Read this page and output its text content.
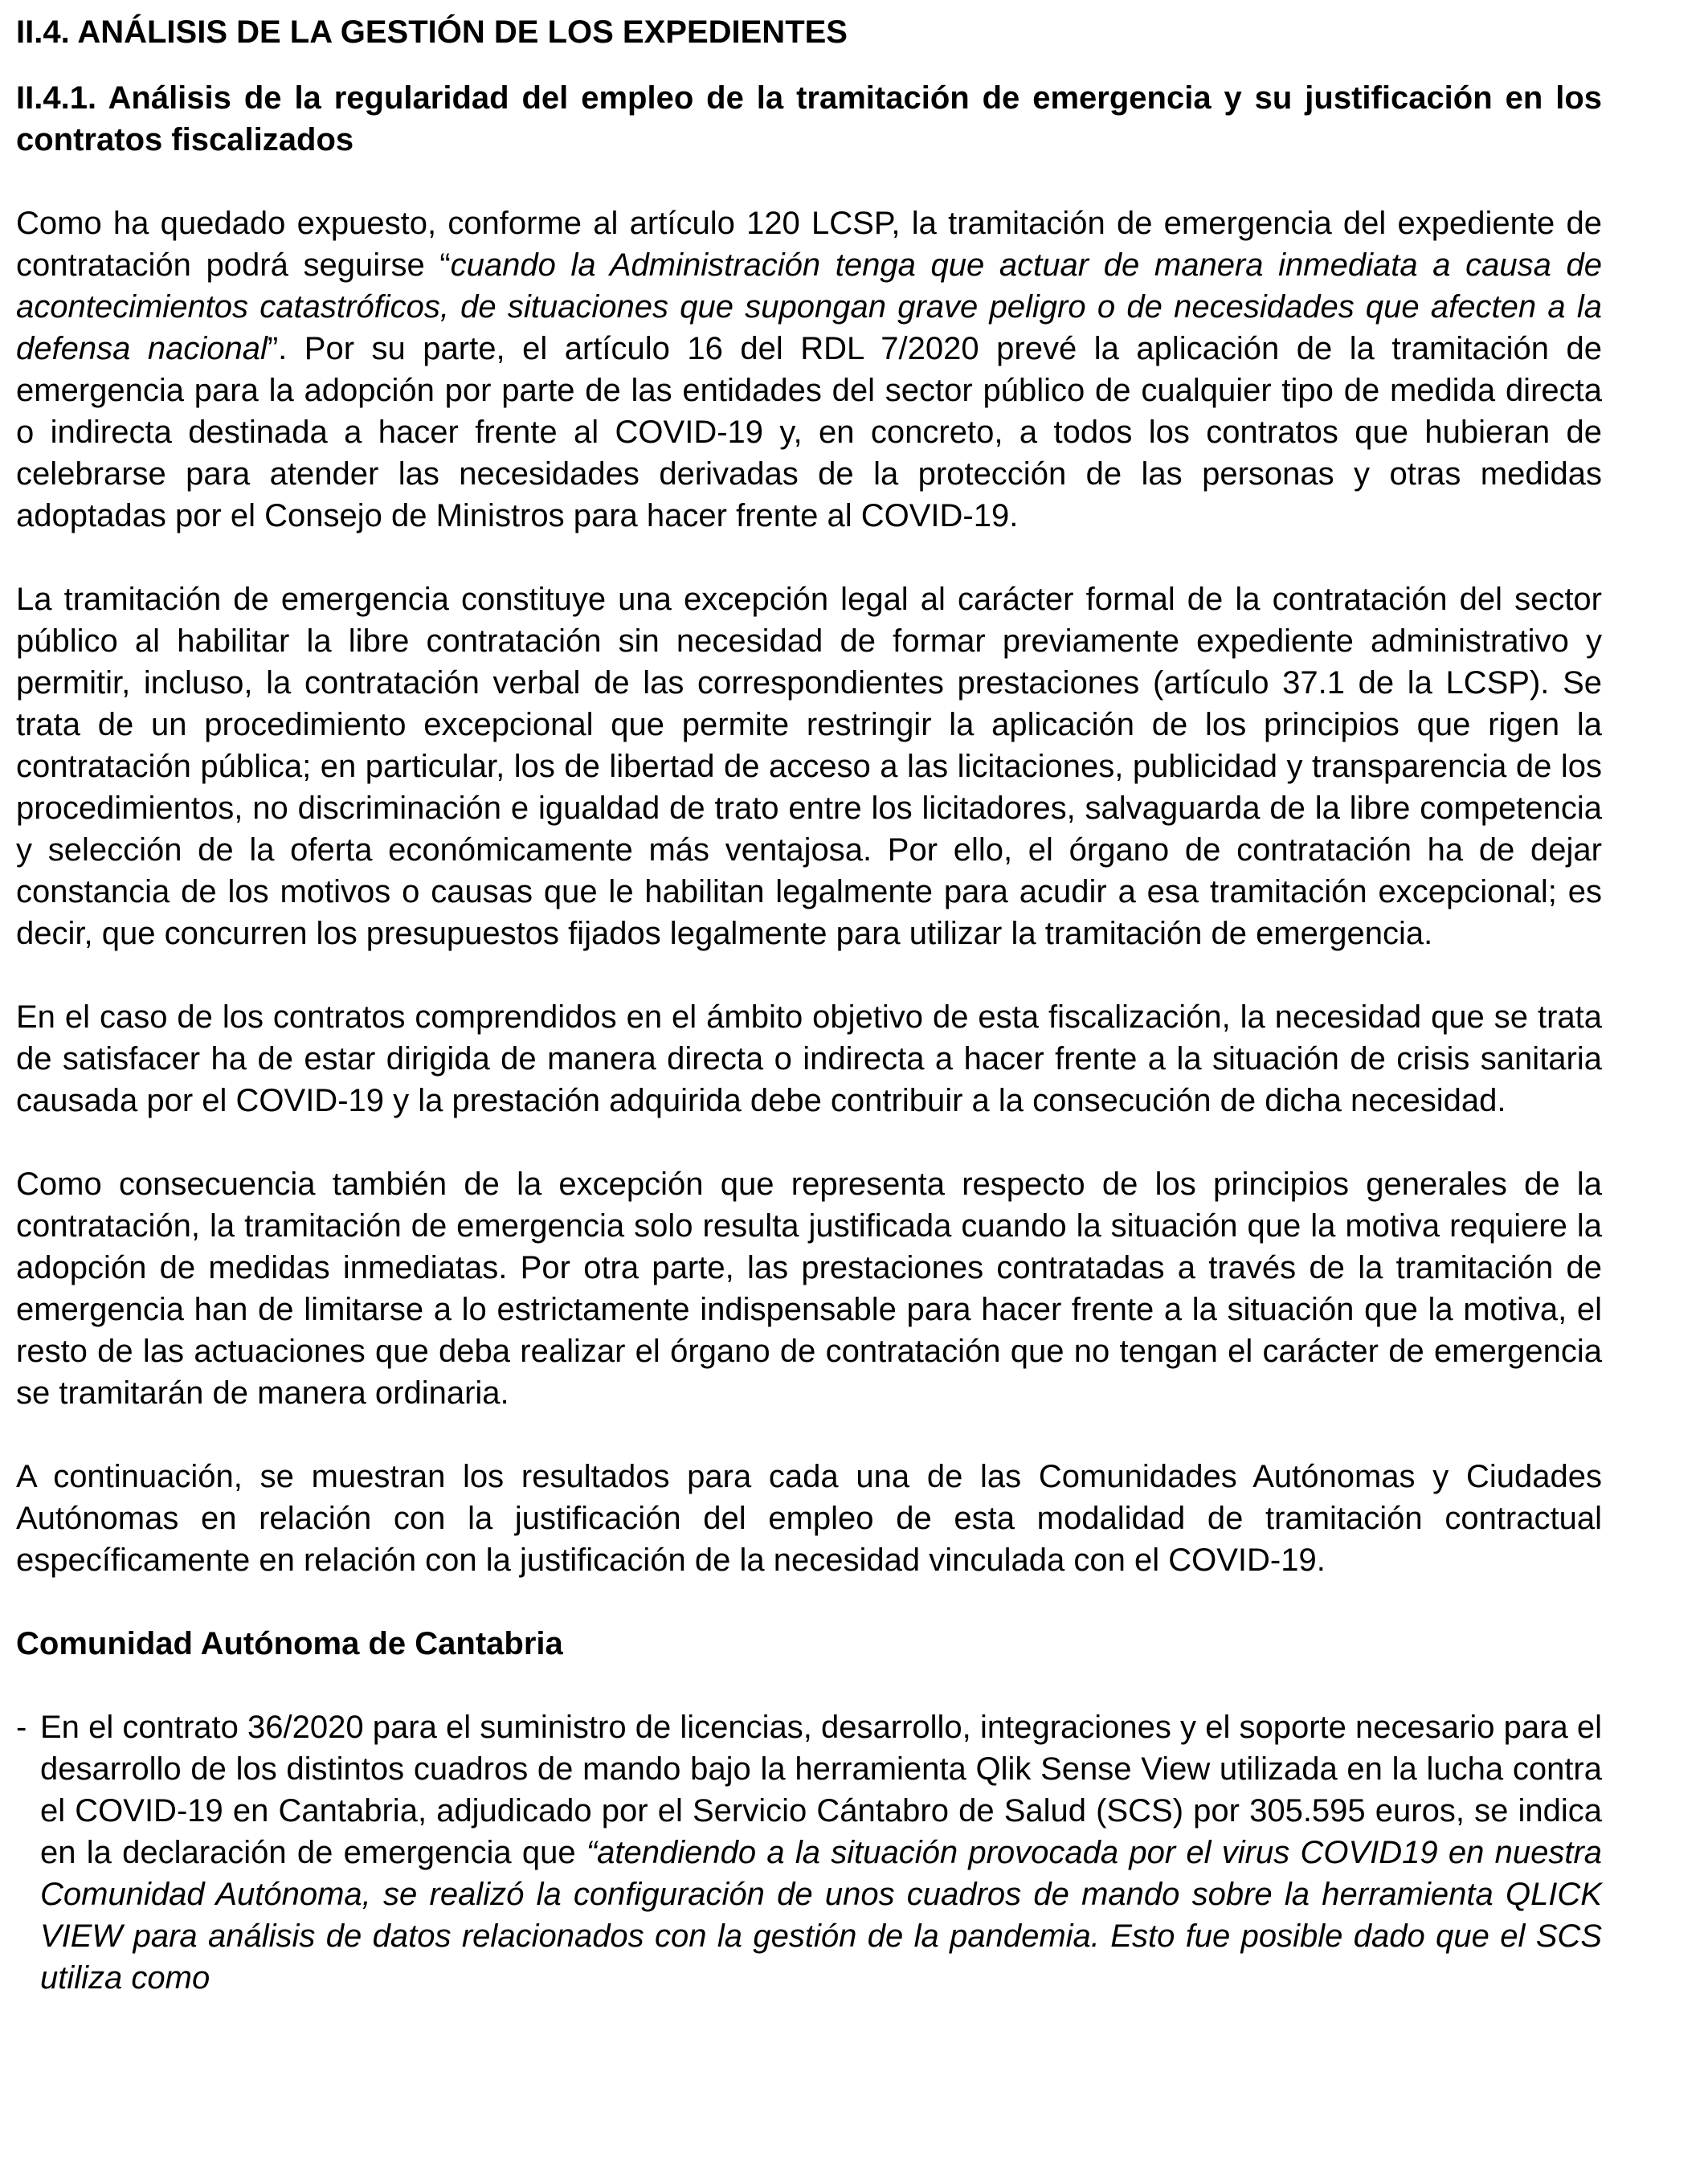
II.4. ANÁLISIS DE LA GESTIÓN DE LOS EXPEDIENTES
II.4.1. Análisis de la regularidad del empleo de la tramitación de emergencia y su justificación en los contratos fiscalizados

Como ha quedado expuesto, conforme al artículo 120 LCSP, la tramitación de emergencia del expediente de contratación podrá seguirse “cuando la Administración tenga que actuar de manera inmediata a causa de acontecimientos catastróficos, de situaciones que supongan grave peligro o de necesidades que afecten a la defensa nacional”. Por su parte, el artículo 16 del RDL 7/2020 prevé la aplicación de la tramitación de emergencia para la adopción por parte de las entidades del sector público de cualquier tipo de medida directa o indirecta destinada a hacer frente al COVID-19 y, en concreto, a todos los contratos que hubieran de celebrarse para atender las necesidades derivadas de la protección de las personas y otras medidas adoptadas por el Consejo de Ministros para hacer frente al COVID-19.

La tramitación de emergencia constituye una excepción legal al carácter formal de la contratación del sector público al habilitar la libre contratación sin necesidad de formar previamente expediente administrativo y permitir, incluso, la contratación verbal de las correspondientes prestaciones (artículo 37.1 de la LCSP). Se trata de un procedimiento excepcional que permite restringir la aplicación de los principios que rigen la contratación pública; en particular, los de libertad de acceso a las licitaciones, publicidad y transparencia de los procedimientos, no discriminación e igualdad de trato entre los licitadores, salvaguarda de la libre competencia y selección de la oferta económicamente más ventajosa. Por ello, el órgano de contratación ha de dejar constancia de los motivos o causas que le habilitan legalmente para acudir a esa tramitación excepcional; es decir, que concurren los presupuestos fijados legalmente para utilizar la tramitación de emergencia.

En el caso de los contratos comprendidos en el ámbito objetivo de esta fiscalización, la necesidad que se trata de satisfacer ha de estar dirigida de manera directa o indirecta a hacer frente a la situación de crisis sanitaria causada por el COVID-19 y la prestación adquirida debe contribuir a la consecución de dicha necesidad.

Como consecuencia también de la excepción que representa respecto de los principios generales de la contratación, la tramitación de emergencia solo resulta justificada cuando la situación que la motiva requiere la adopción de medidas inmediatas. Por otra parte, las prestaciones contratadas a través de la tramitación de emergencia han de limitarse a lo estrictamente indispensable para hacer frente a la situación que la motiva, el resto de las actuaciones que deba realizar el órgano de contratación que no tengan el carácter de emergencia se tramitarán de manera ordinaria.

A continuación, se muestran los resultados para cada una de las Comunidades Autónomas y Ciudades Autónomas en relación con la justificación del empleo de esta modalidad de tramitación contractual específicamente en relación con la justificación de la necesidad vinculada con el COVID-19.

Comunidad Autónoma de Cantabria
- En el contrato 36/2020 para el suministro de licencias, desarrollo, integraciones y el soporte necesario para el desarrollo de los distintos cuadros de mando bajo la herramienta Qlik Sense View utilizada en la lucha contra el COVID-19 en Cantabria, adjudicado por el Servicio Cántabro de Salud (SCS) por 305.595 euros, se indica en la declaración de emergencia que “atendiendo a la situación provocada por el virus COVID19 en nuestra Comunidad Autónoma, se realizó la configuración de unos cuadros de mando sobre la herramienta QLICK VIEW para análisis de datos relacionados con la gestión de la pandemia. Esto fue posible dado que el SCS utiliza como
